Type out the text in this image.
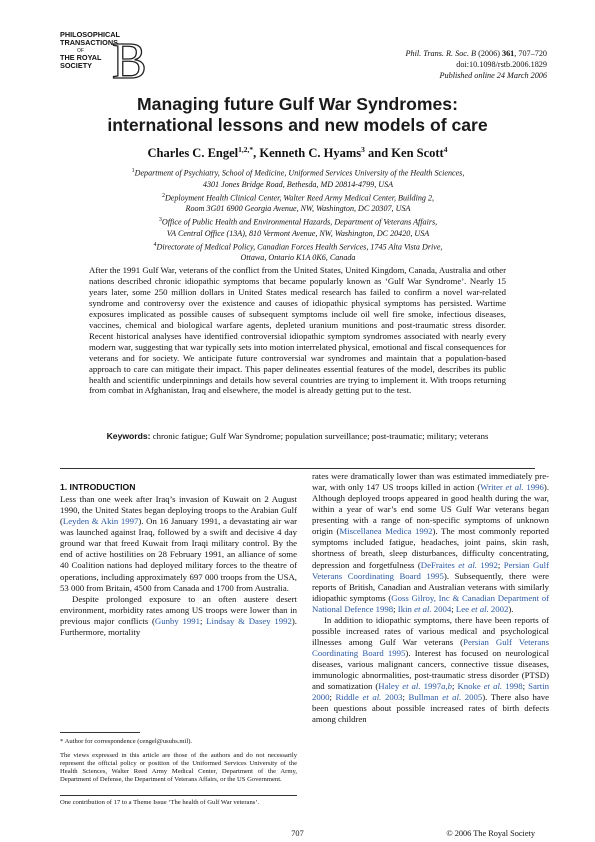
PHILOSOPHICAL
TRANSACTIONS
OF
THE ROYAL
SOCIETY B	Phil. Trans. R. Soc. B (2006) 361, 707–720
doi:10.1098/rstb.2006.1829
Published online 24 March 2006
Managing future Gulf War Syndromes:
international lessons and new models of care
Charles C. Engel$^{1,2,*}$, Kenneth C. Hyams$^3$ and Ken Scott$^4$
$^1$Department of Psychiatry, School of Medicine, Uniformed Services University of the Health Sciences,
4301 Jones Bridge Road, Bethesda, MD 20814-4799, USA
$^2$Deployment Health Clinical Center, Walter Reed Army Medical Center, Building 2,
Room 3G01 6900 Georgia Avenue, NW, Washington, DC 20307, USA
$^3$Office of Public Health and Environmental Hazards, Department of Veterans Affairs,
VA Central Office (13A), 810 Vermont Avenue, NW, Washington, DC 20420, USA
$^4$Directorate of Medical Policy, Canadian Forces Health Services, 1745 Alta Vista Drive,
Ottawa, Ontario K1A 0K6, Canada
After the 1991 Gulf War, veterans of the conflict from the United States, United Kingdom, Canada, Australia and other nations described chronic idiopathic symptoms that became popularly known as ‘Gulf War Syndrome’. Nearly 15 years later, some 250 million dollars in United States medical research has failed to confirm a novel war-related syndrome and controversy over the existence and causes of idiopathic physical symptoms has persisted. Wartime exposures implicated as possible causes of subsequent symptoms include oil well fire smoke, infectious diseases, vaccines, chemical and biological warfare agents, depleted uranium munitions and post-traumatic stress disorder. Recent historical analyses have identified controversial idiopathic symptom syndromes associated with nearly every modern war, suggesting that war typically sets into motion interrelated physical, emotional and fiscal consequences for veterans and for society. We anticipate future controversial war syndromes and maintain that a population-based approach to care can mitigate their impact. This paper delineates essential features of the model, describes its public health and scientific underpinnings and details how several countries are trying to implement it. With troops returning from combat in Afghanistan, Iraq and elsewhere, the model is already getting put to the test.
Keywords: chronic fatigue; Gulf War Syndrome; population surveillance; post-traumatic; military; veterans
1. INTRODUCTION

Less than one week after Iraq’s invasion of Kuwait on 2 August 1990, the United States began deploying troops to the Arabian Gulf (Leyden & Akin 1997). On 16 January 1991, a devastating air war was launched against Iraq, followed by a swift and decisive 4 day ground war that freed Kuwait from Iraqi military control. By the end of active hostilities on 28 February 1991, an alliance of some 40 Coalition nations had deployed military forces to the theatre of operations, including approximately 697 000 troops from the USA, 53 000 from Britain, 4500 from Canada and 1700 from Australia.

Despite prolonged exposure to an often austere desert environment, morbidity rates among US troops were lower than in previous major conflicts (Gunby 1991; Lindsay & Dasey 1992). Furthermore, mortality

* Author for correspondence (cengel@usuhs.mil).
The views expressed in this article are those of the authors and do not necessarily represent the official policy or position of the Uniformed Services University of the Health Sciences, Walter Reed Army Medical Center, Department of the Army, Department of Defense, the Department of Veterans Affairs, or the US Government.
One contribution of 17 to a Theme Issue ‘The health of Gulf War veterans’.

rates were dramatically lower than was estimated immediately pre-war, with only 147 US troops killed in action (Writer et al. 1996). Although deployed troops appeared in good health during the war, within a year of war’s end some US Gulf War veterans began presenting with a range of non-specific symptoms of unknown origin (Miscellanea Medica 1992). The most commonly reported symptoms included fatigue, headaches, joint pains, skin rash, shortness of breath, sleep disturbances, difficulty concentrating, depression and forgetfulness (DeFraites et al. 1992; Persian Gulf Veterans Coordinating Board 1995). Subsequently, there were reports of British, Canadian and Australian veterans with similarly idiopathic symptoms (Goss Gilroy, Inc & Canadian Department of National Defence 1998; Ikin et al. 2004; Lee et al. 2002).

In addition to idiopathic symptoms, there have been reports of possible increased rates of various medical and psychological illnesses among Gulf War veterans (Persian Gulf Veterans Coordinating Board 1995). Interest has focused on neurological diseases, various malignant cancers, connective tissue diseases, immunologic abnormalities, post-traumatic stress disorder (PTSD) and somatization (Haley et al. 1997a,b; Knoke et al. 1998; Sartin 2000; Riddle et al. 2003; Bullman et al. 2005). There also have been questions about possible increased rates of birth defects among children

707	© 2006 The Royal Society
